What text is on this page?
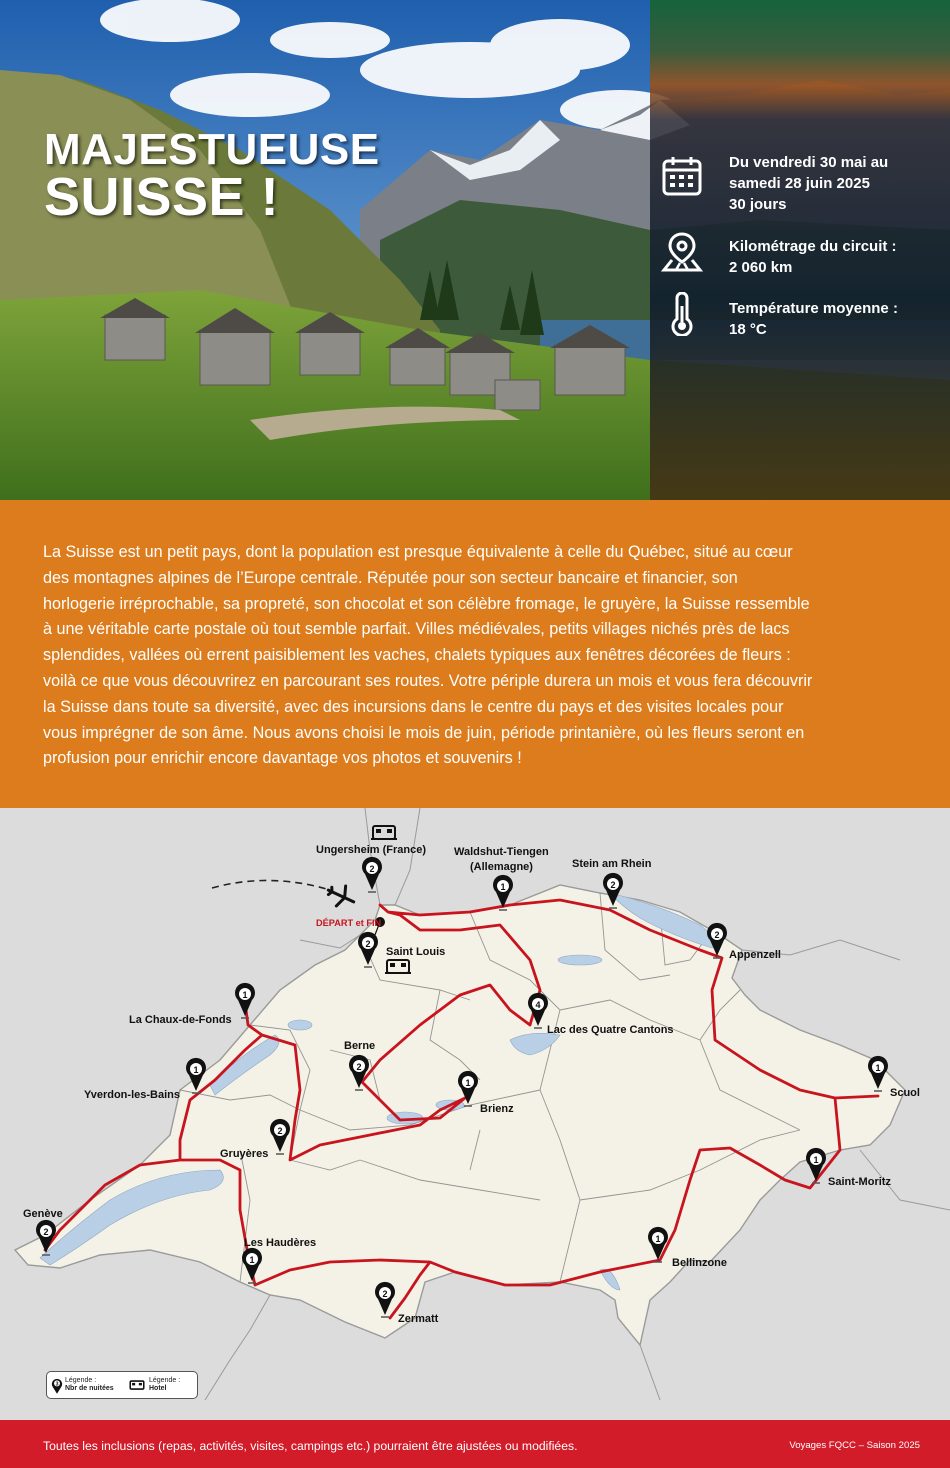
MAJESTUEUSE
SUISSE !
Du vendredi 30 mai au
samedi 28 juin 2025
30 jours
Kilométrage du circuit :
2 060 km
Température moyenne :
18 °C

La Suisse est un petit pays, dont la population est presque équivalente à celle du Québec, situé au cœur des montagnes alpines de l’Europe centrale. Réputée pour son secteur bancaire et financier, son horlogerie irréprochable, sa propreté, son chocolat et son célèbre fromage, le gruyère, la Suisse ressemble à une véritable carte postale où tout semble parfait. Villes médiévales, petits villages nichés près de lacs splendides, vallées où errent paisiblement les vaches, chalets typiques aux fenêtres décorées de fleurs : voilà ce que vous découvrirez en parcourant ses routes. Votre périple durera un mois et vous fera découvrir la Suisse dans toute sa diversité, avec des incursions dans le centre du pays et des visites locales pour vous imprégner de son âme. Nous avons choisi le mois de juin, période printanière, où les fleurs seront en profusion pour enrichir encore davantage vos photos et souvenirs !

DÉPART et FIN
2
Ungersheim (France)
1
Waldshut-Tiengen
(Allemagne)
2
Stein am Rhein
2
Saint Louis
2
Appenzell
1
La Chaux-de-Fonds
4
Lac des Quatre Cantons
2
Berne
1
Yverdon-les-Bains
1
Brienz
1
Scuol
2
Gruyères	1
Saint-Moritz
2
Genève
1
Les Haudères	1
Bellinzone
2
Zermatt
3
Légende :
Nbr de nuitées
Légende :
Hotel
Toutes les inclusions (repas, activités, visites, campings etc.) pourraient être ajustées ou modifiées.	Voyages FQCC – Saison 2025
